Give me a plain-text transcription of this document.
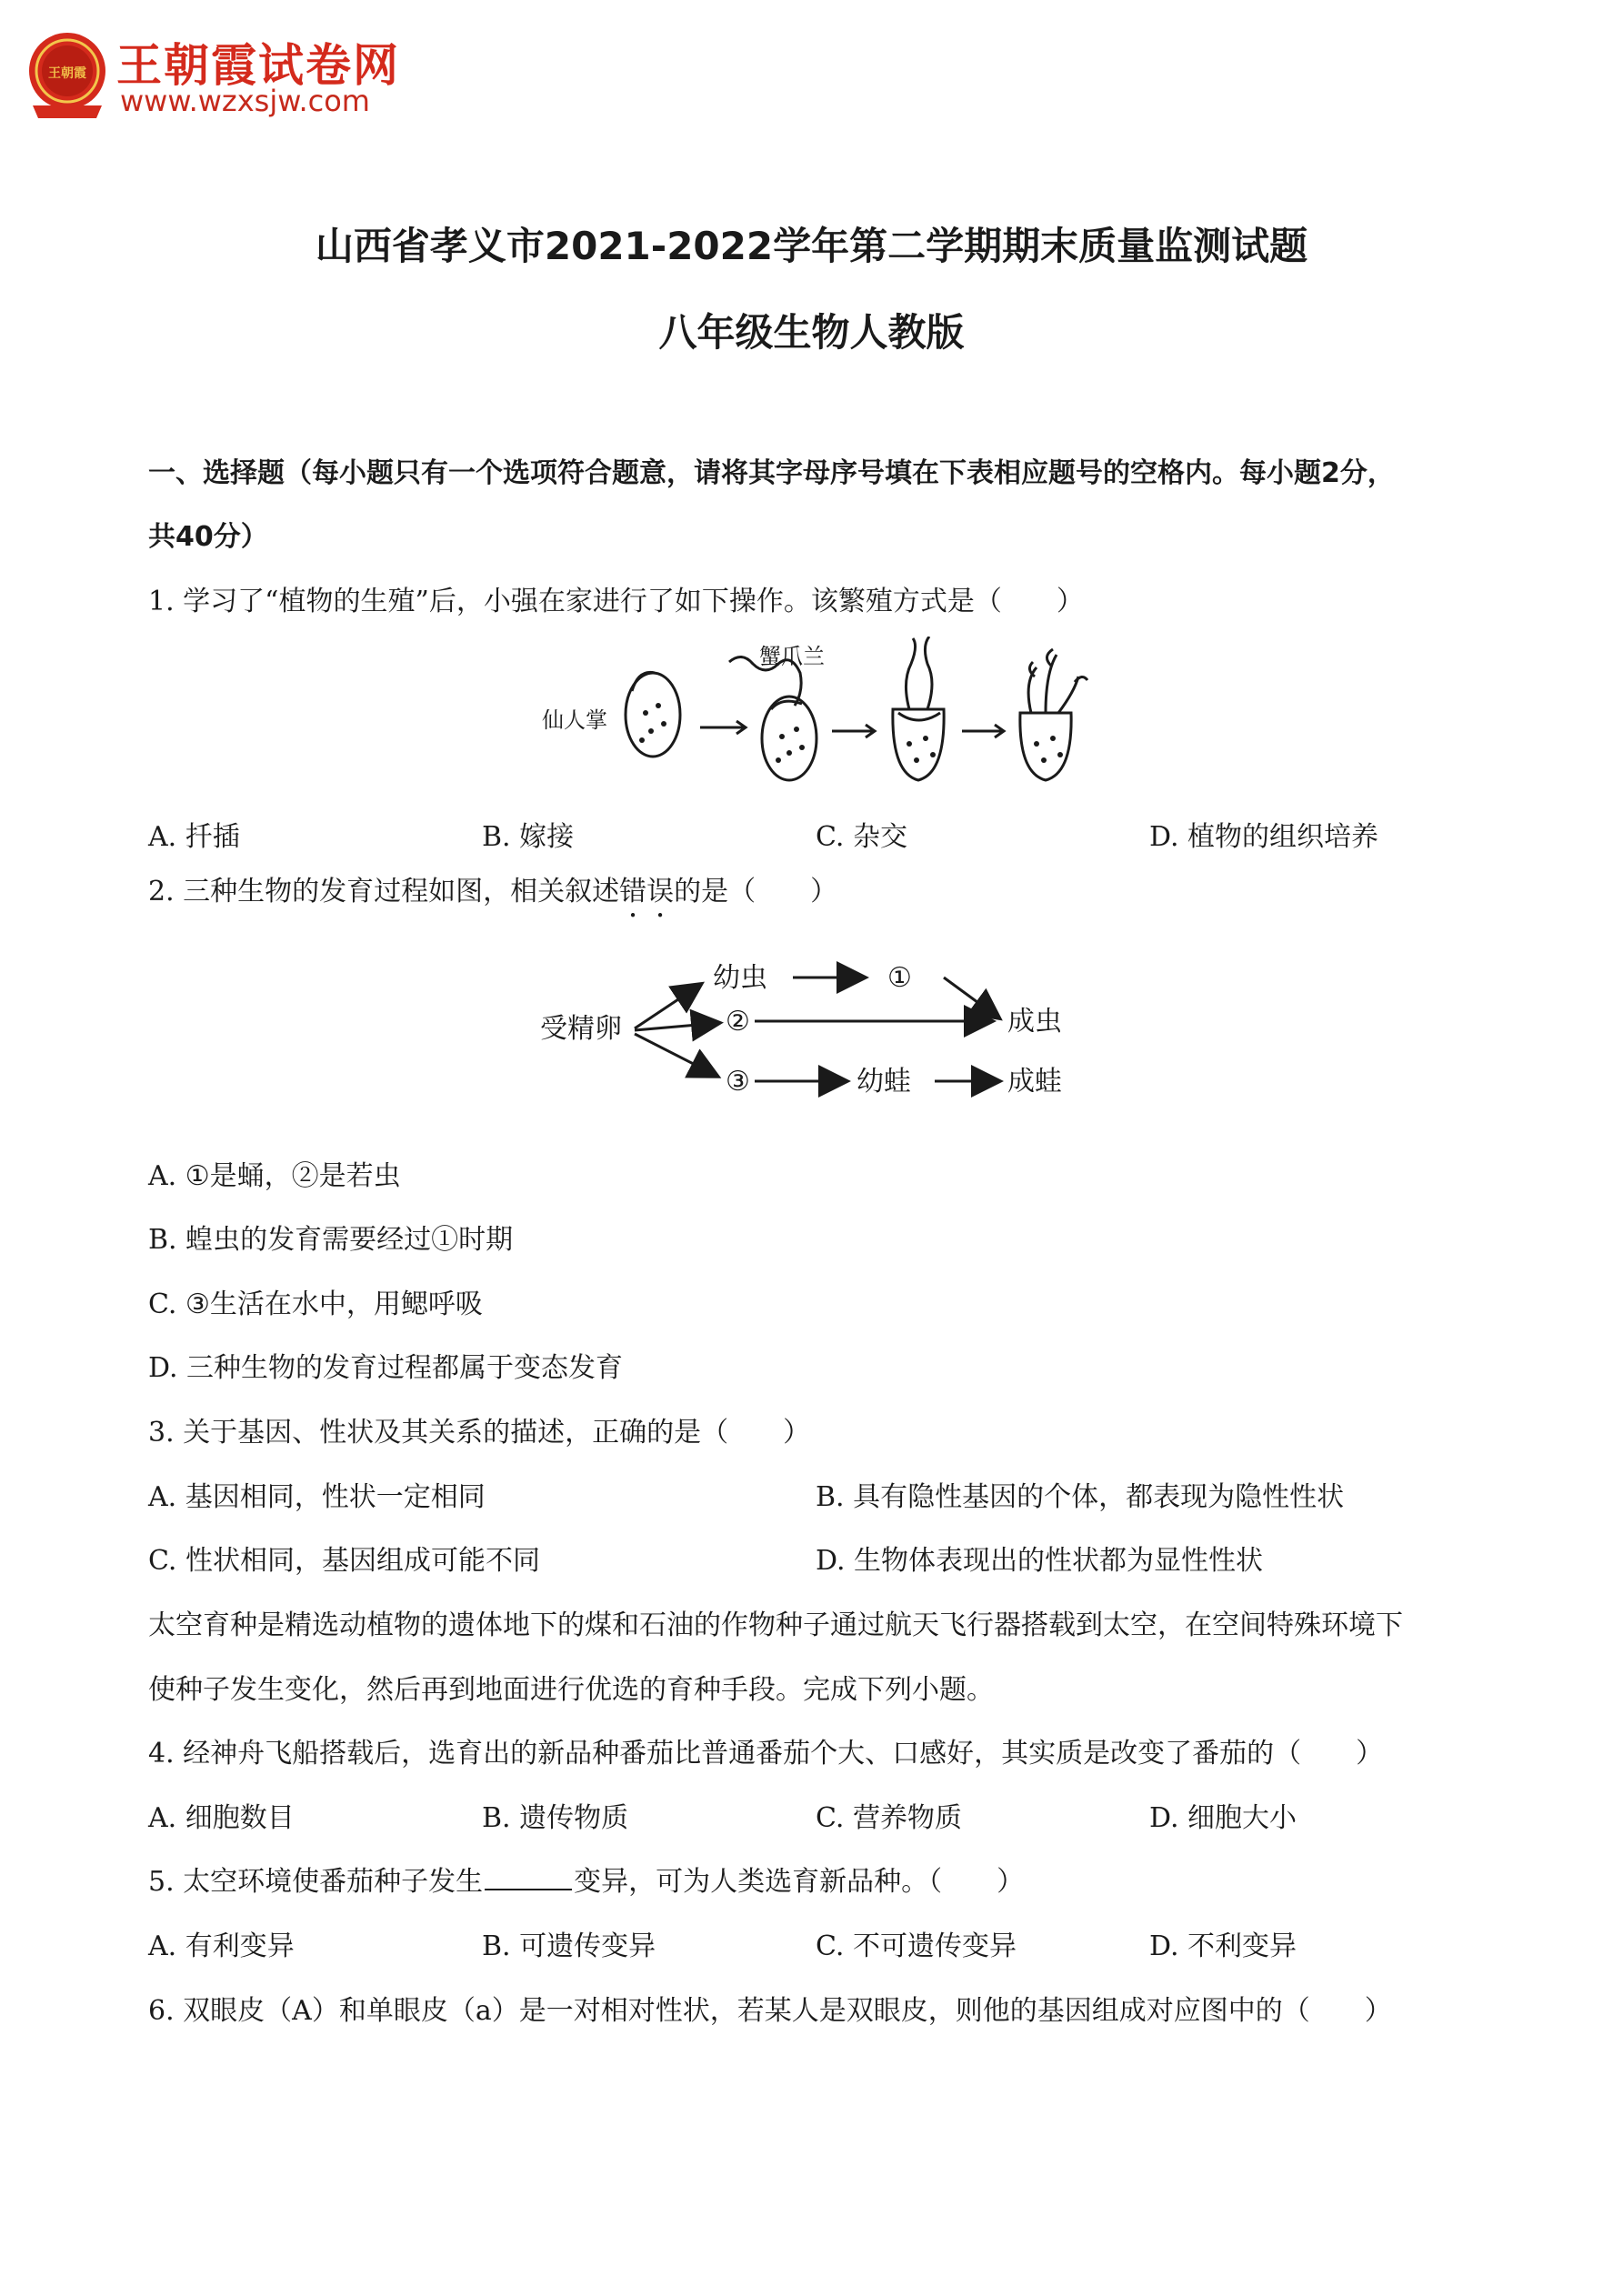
王朝霞 王朝霞试卷网
www.wzxsjw.com
山西省孝义市2021-2022学年第二学期期末质量监测试题
八年级生物人教版
一、选择题（每小题只有一个选项符合题意，请将其字母序号填在下表相应题号的空格内。每小题2分，
共40分）
1. 学习了“植物的生殖”后，小强在家进行了如下操作。该繁殖方式是（　　）
仙人掌
蟹爪兰
A. 扦插	B. 嫁接	C. 杂交	D. 植物的组织培养
2. 三种生物的发育过程如图，相关叙述错误的是（　　）
受精卵
幼虫	①
②
③
成虫
幼蛙	成蛙
A. ①是蛹，②是若虫
B. 蝗虫的发育需要经过①时期
C. ③生活在水中，用鳃呼吸
D. 三种生物的发育过程都属于变态发育
3. 关于基因、性状及其关系的描述，正确的是（　　）
A. 基因相同，性状一定相同	B. 具有隐性基因的个体，都表现为隐性性状
C. 性状相同，基因组成可能不同	D. 生物体表现出的性状都为显性性状
太空育种是精选动植物的遗体地下的煤和石油的作物种子通过航天飞行器搭载到太空，在空间特殊环境下
使种子发生变化，然后再到地面进行优选的育种手段。完成下列小题。
4. 经神舟飞船搭载后，选育出的新品种番茄比普通番茄个大、口感好，其实质是改变了番茄的（　　）
A. 细胞数目	B. 遗传物质	C. 营养物质	D. 细胞大小
5. 太空环境使番茄种子发生	变异，可为人类选育新品种。（　　）
A. 有利变异	B. 可遗传变异	C. 不可遗传变异	D. 不利变异
6. 双眼皮（A）和单眼皮（a）是一对相对性状，若某人是双眼皮，则他的基因组成对应图中的（　　）
